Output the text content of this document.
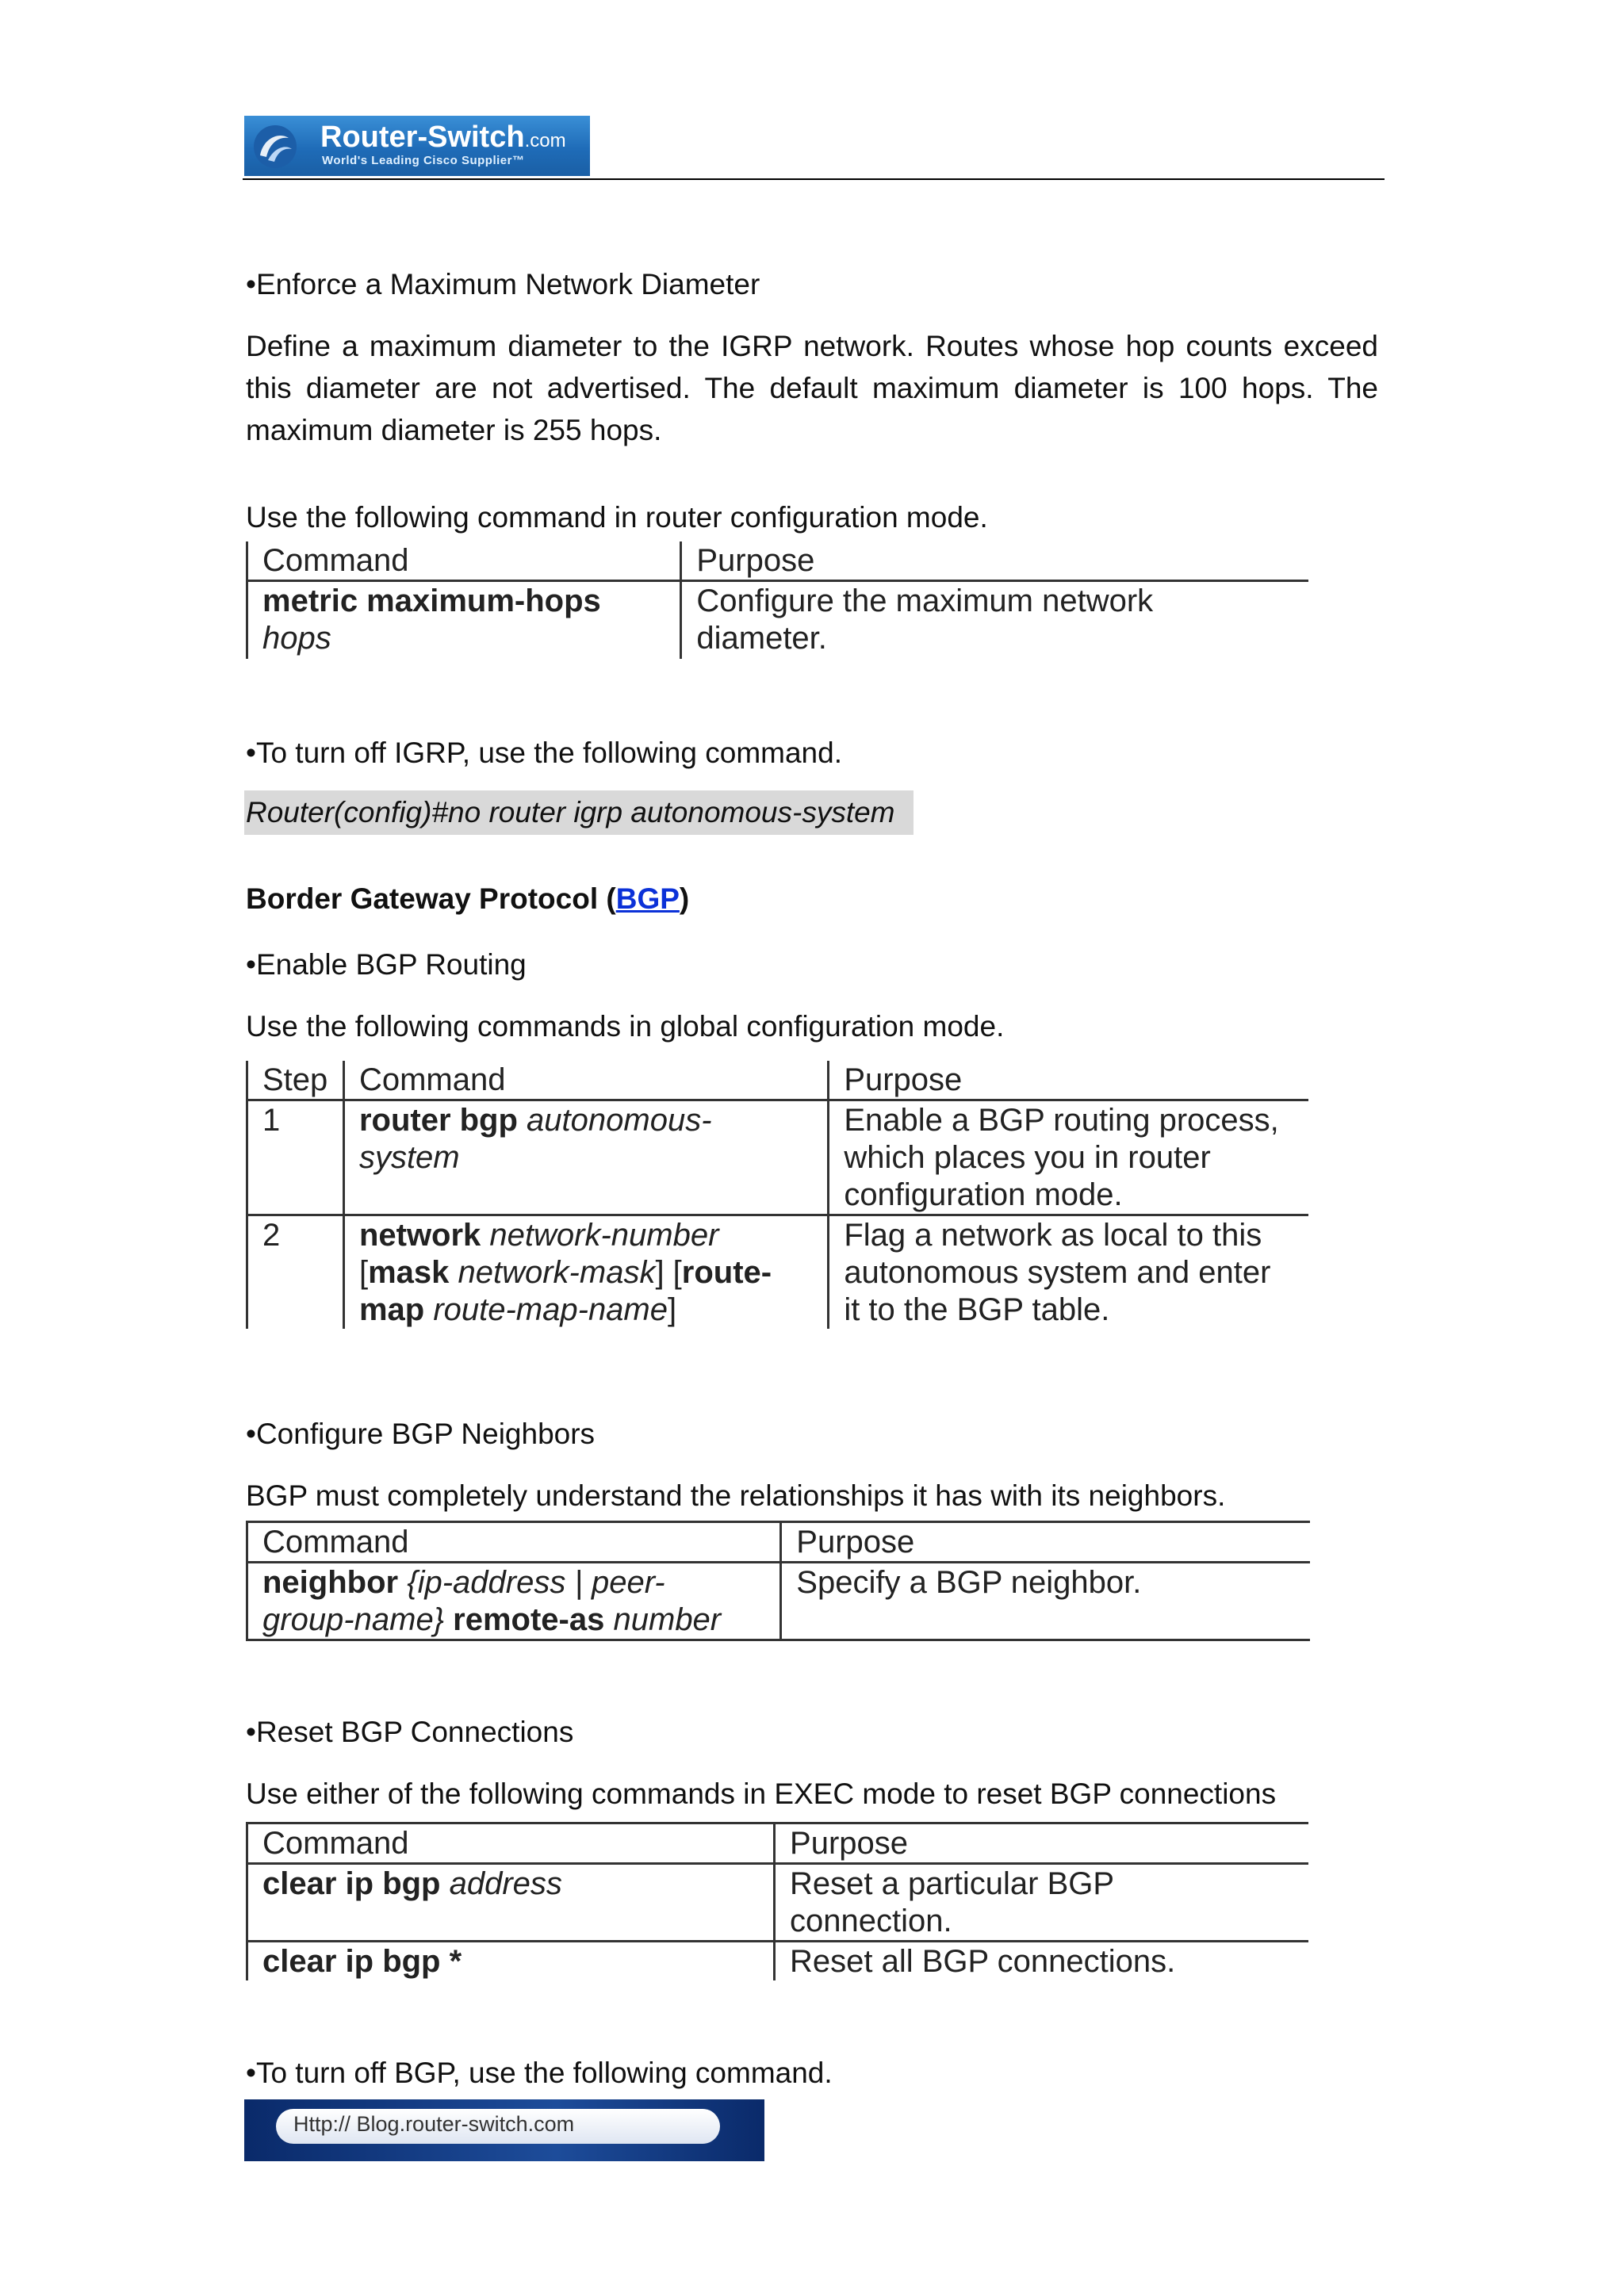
Router-Switch.com
World's Leading Cisco Supplier™
•Enforce a Maximum Network Diameter
Define a maximum diameter to the IGRP network. Routes whose hop counts exceed this diameter are not advertised. The default maximum diameter is 100 hops. The maximum diameter is 255 hops.
Use the following command in router configuration mode.
Command	Purpose
metric maximum-hops
hops	Configure the maximum network diameter.
•To turn off IGRP, use the following command.
Router(config)#no router igrp autonomous-system
Border Gateway Protocol (BGP)
•Enable BGP Routing
Use the following commands in global configuration mode.
Step	Command	Purpose
1	router bgp autonomous-system	Enable a BGP routing process, which places you in router configuration mode.
2	network network-number [mask network-mask] [route-map route-map-name]	Flag a network as local to this autonomous system and enter it to the BGP table.
•Configure BGP Neighbors
BGP must completely understand the relationships it has with its neighbors.
Command	Purpose
neighbor {ip-address | peer-group-name} remote-as number	Specify a BGP neighbor.
•Reset BGP Connections
Use either of the following commands in EXEC mode to reset BGP connections
Command	Purpose
clear ip bgp address	Reset a particular BGP connection.
clear ip bgp *	Reset all BGP connections.
•To turn off BGP, use the following command.
Http:// Blog.router-switch.com
